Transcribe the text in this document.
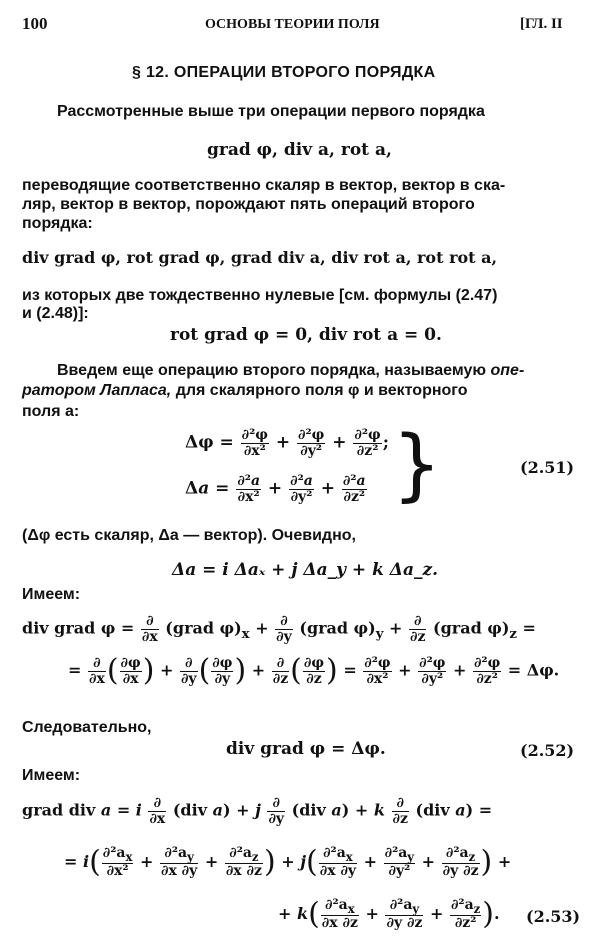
100	ОСНОВЫ ТЕОРИИ ПОЛЯ	[ГЛ. II
§ 12. ОПЕРАЦИИ ВТОРОГО ПОРЯДКА
Рассмотренные выше три операции первого порядка
grad φ, div a, rot a,
переводящие соответственно скаляр в вектор, вектор в ска-
ляр, вектор в вектор, порождают пять операций второго
порядка:
div grad φ, rot grad φ, grad div a, div rot a, rot rot a,
из которых две тождественно нулевые [см. формулы (2.47)
и (2.48)]:
rot grad φ = 0, div rot a = 0.
Введем еще операцию второго порядка, называемую опе-
ратором Лапласа, для скалярного поля φ и векторного
поля a:
$\Delta\varphi = \frac{\text{∂²φ}}{\text{∂x²}} + \frac{\text{∂²φ}}{\text{∂y²}} + \frac{\text{∂²φ}}{\text{∂z²}}$ ;
$\Delta a = \frac{\text{∂²a}}{\text{∂x²}} + \frac{\text{∂²a}}{\text{∂y²}} + \frac{\text{∂²a}}{\text{∂z²}}$ }	(2.51)
(Δφ есть скаляр, Δa — вектор). Очевидно,
Δa = i Δaₓ + j Δa_y + k Δa_z.
Имеем:
div grad $\varphi = \frac{\partial}{\partial x}$ (grad $\varphi)_x + \frac{\partial}{\partial y}$ (grad $\varphi)_y + \frac{\partial}{\partial z}$ (grad $\varphi)_z$ =
= $\frac{\partial}{\partial x}$ ( $\frac{\partial\varphi}{\partial x}$ ) + $\frac{\partial}{\partial y}$ ( $\frac{\partial\varphi}{\partial y}$ ) + $\frac{\partial}{\partial z}$ ( $\frac{\partial\varphi}{\partial z}$ ) = $\frac{\text{∂²φ}}{\text{∂x²}} + \frac{\text{∂²φ}}{\text{∂y²}} + \frac{\text{∂²φ}}{\text{∂z²}} = \Delta\varphi$.
Следовательно,
div grad φ = Δφ.	(2.52)
Имеем:
grad div a = i $\frac{\partial}{\partial x} (div$ a) + j $\frac{\partial}{\partial y} (div$ a) + k $\frac{\partial}{\partial z} (div$ a) =
= $i( \frac{\partial^2a_x}{\text{∂x²}} + \frac{\partial^2a_y}{\partial x \partial y} + \frac{\partial^2a_z}{\partial x \partial z}$ ) + $j( \frac{\partial^2a_x}{\partial x \partial y} + \frac{\partial^2a_y}{\text{∂y²}} + \frac{\partial^2a_z}{\partial y \partial z}$ ) +
+ $k( \frac{\partial^2a_x}{\partial x \partial z} + \frac{\partial^2a_y}{\partial y \partial z} + \frac{\partial^2a_z}{\text{∂z²}}$ ). (2.53)
